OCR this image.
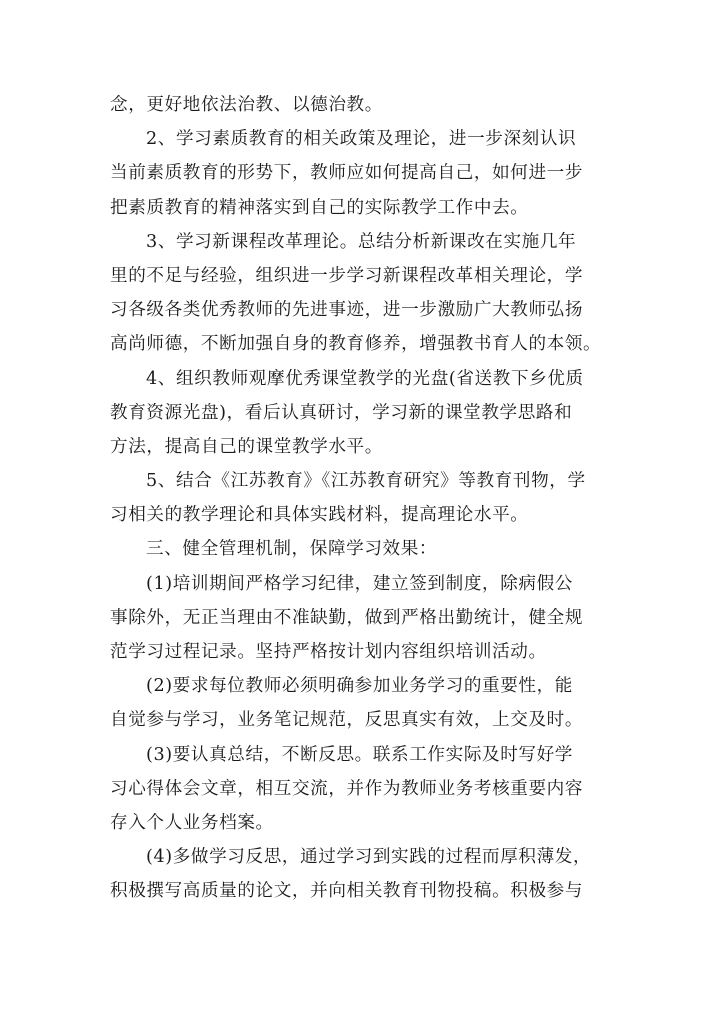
念，更好地依法治教、以德治教。
2、学习素质教育的相关政策及理论，进一步深刻认识
当前素质教育的形势下，教师应如何提高自己，如何进一步
把素质教育的精神落实到自己的实际教学工作中去。
3、学习新课程改革理论。总结分析新课改在实施几年
里的不足与经验，组织进一步学习新课程改革相关理论，学
习各级各类优秀教师的先进事迹，进一步激励广大教师弘扬
高尚师德，不断加强自身的教育修养，增强教书育人的本领。
4、组织教师观摩优秀课堂教学的光盘(省送教下乡优质
教育资源光盘)，看后认真研讨，学习新的课堂教学思路和
方法，提高自己的课堂教学水平。
5、结合《江苏教育》《江苏教育研究》等教育刊物，学
习相关的教学理论和具体实践材料，提高理论水平。
三、健全管理机制，保障学习效果：
(1)培训期间严格学习纪律，建立签到制度，除病假公
事除外，无正当理由不准缺勤，做到严格出勤统计，健全规
范学习过程记录。坚持严格按计划内容组织培训活动。
(2)要求每位教师必须明确参加业务学习的重要性，能
自觉参与学习，业务笔记规范，反思真实有效，上交及时。
(3)要认真总结，不断反思。联系工作实际及时写好学
习心得体会文章，相互交流，并作为教师业务考核重要内容
存入个人业务档案。
(4)多做学习反思，通过学习到实践的过程而厚积薄发，
积极撰写高质量的论文，并向相关教育刊物投稿。积极参与
